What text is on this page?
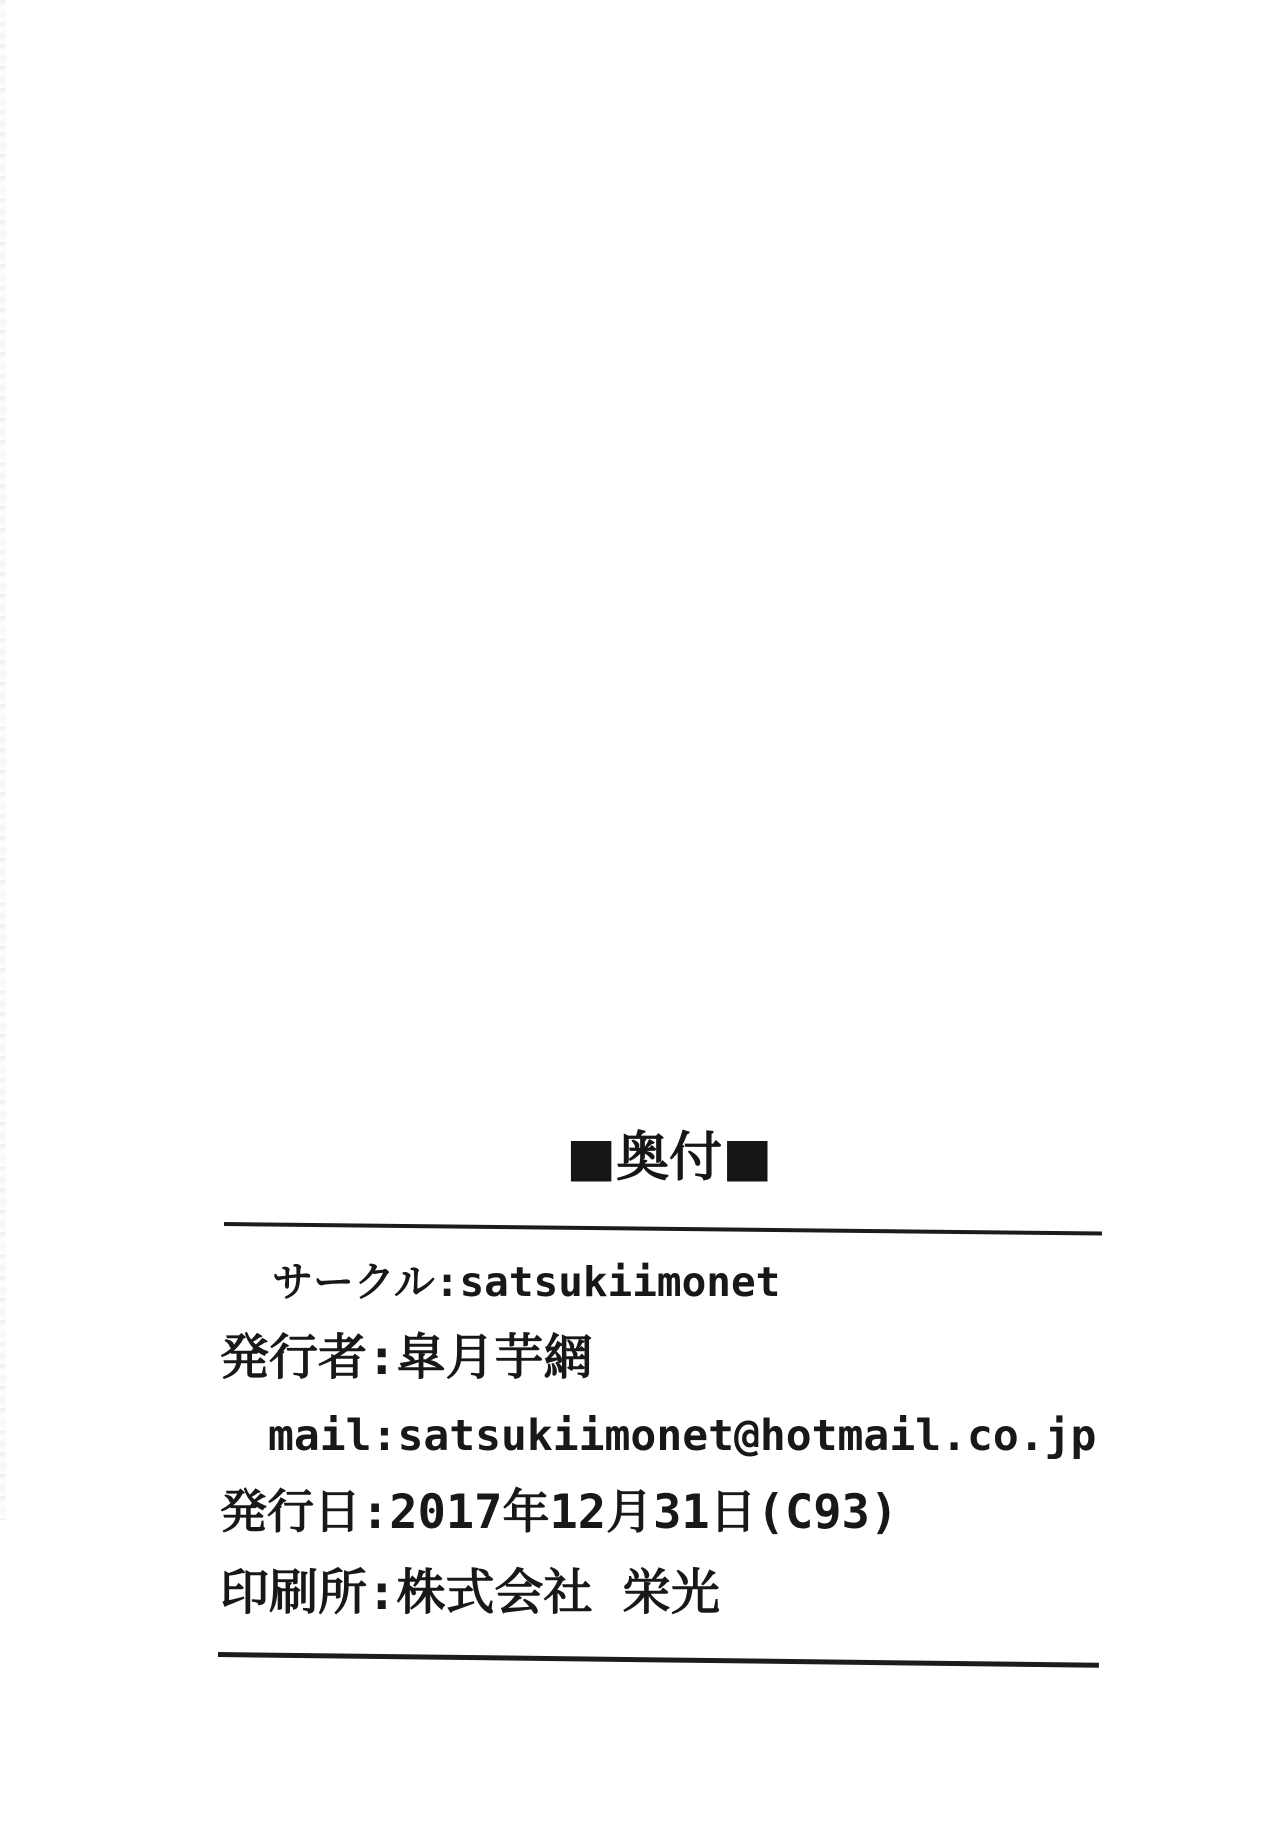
■奥付■
サークル:satsukiimonet
発行者:皐月芋網
mail:satsukiimonet@hotmail.co.jp
発行日:2017年12月31日(C93)
印刷所:株式会社 栄光
